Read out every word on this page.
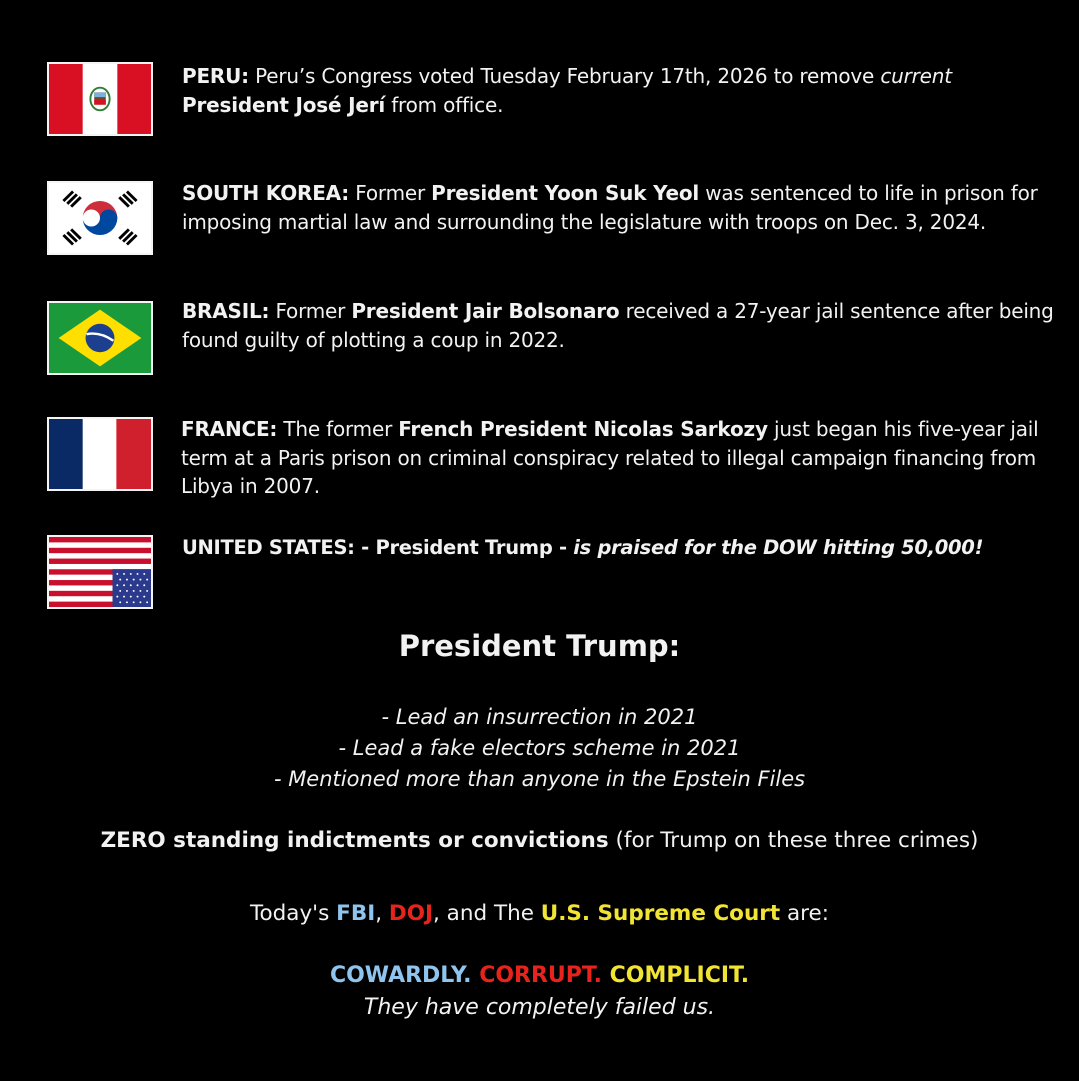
PERU: Peru’s Congress voted Tuesday February 17th, 2026 to remove current
President José Jerí from office.
SOUTH KOREA: Former President Yoon Suk Yeol was sentenced to life in prison for imposing martial law and surrounding the legislature with troops on Dec. 3, 2024.
BRASIL: Former President Jair Bolsonaro received a 27-year jail sentence after being found guilty of plotting a coup in 2022.
FRANCE: The former French President Nicolas Sarkozy just began his five-year jail term at a Paris prison on criminal conspiracy related to illegal campaign financing from Libya in 2007.
UNITED STATES: - President Trump - is praised for the DOW hitting 50,000!
President Trump:
- Lead an insurrection in 2021
- Lead a fake electors scheme in 2021
- Mentioned more than anyone in the Epstein Files
ZERO standing indictments or convictions (for Trump on these three crimes)
Today's FBI, DOJ, and The U.S. Supreme Court are:
COWARDLY. CORRUPT. COMPLICIT.
They have completely failed us.
